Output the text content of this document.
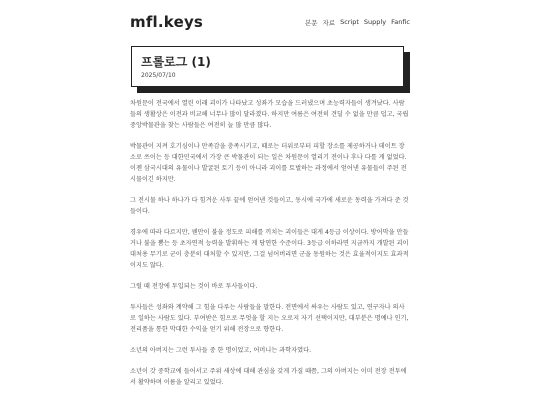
mfl.keys	본문 자료 Script Supply Fanfic
프롤로그 (1)
2025/07/10

차원문이 전국에서 열린 이래 괴이가 나타났고 성좌가 모습을 드러냈으며 초능력자들이 생겨났다. 사람들의 생활상은 이전과 비교해 너무나 많이 달라졌다. 하지만 여름은 여전히 견딜 수 없을 만큼 덥고, 국립중앙박물관을 찾는 사람들은 여전히 늘 많 만큼 많다.

박물관이 지켜 호기심이나 만족감을 충족시키고, 때로는 더위로부터 피할 장소를 제공하거나 데이트 장소로 쓰이는 등 대한민국에서 가장 큰 박물관이 되는 일은 차원문이 열리기 전이나 후나 다를 게 없었다. 이젠 삼국시대의 유물이나 발굴된 토기 등이 아니라 괴이를 토벌하는 과정에서 얻어낸 유물들이 주된 전시물이긴 하지만.

그 전시물 하나 하나가 다 힘겨운 사투 끝에 얻어낸 것들이고, 동시에 국가에 새로운 동력을 가져다 준 것들이다.

경우에 따라 다르지만, 웬만이 불을 정도로 피해를 끼치는 괴이들은 대게 4등급 이상이다. 방어막을 만들거나 불을 뿜는 등 초자연적 능력을 발휘하는 게 당연한 수준이다. 3등급 이하라면 지금까지 개발된 괴이 대처용 무기로 군이 충분히 대처할 수 있지만, 그걸 넘어버리면 군을 동원하는 것은 효율적이지도 효과적이지도 않다.

그럴 때 전장에 투입되는 것이 바로 투사들이다.

투사들은 성좌와 계약해 그 힘을 다루는 사람들을 말한다. 전면에서 싸우는 사람도 있고, 연구자나 의사로 일하는 사람도 있다. 부여받은 힘으로 무엇을 할 지는 오로지 자기 선택이지만, 대부분은 명예나 인기, 전리품을 통한 막대한 수익을 얻기 위해 전장으로 향한다.

소년의 아버지는 그런 투사들 중 한 명이었고, 어머니는 과학자였다.

소년이 갓 중학교에 들어서고 주위 세상에 대해 관심을 갖게 가질 때쯤, 그의 아버지는 이미 전장 전투에서 활약하며 이름을 알리고 있었다.
